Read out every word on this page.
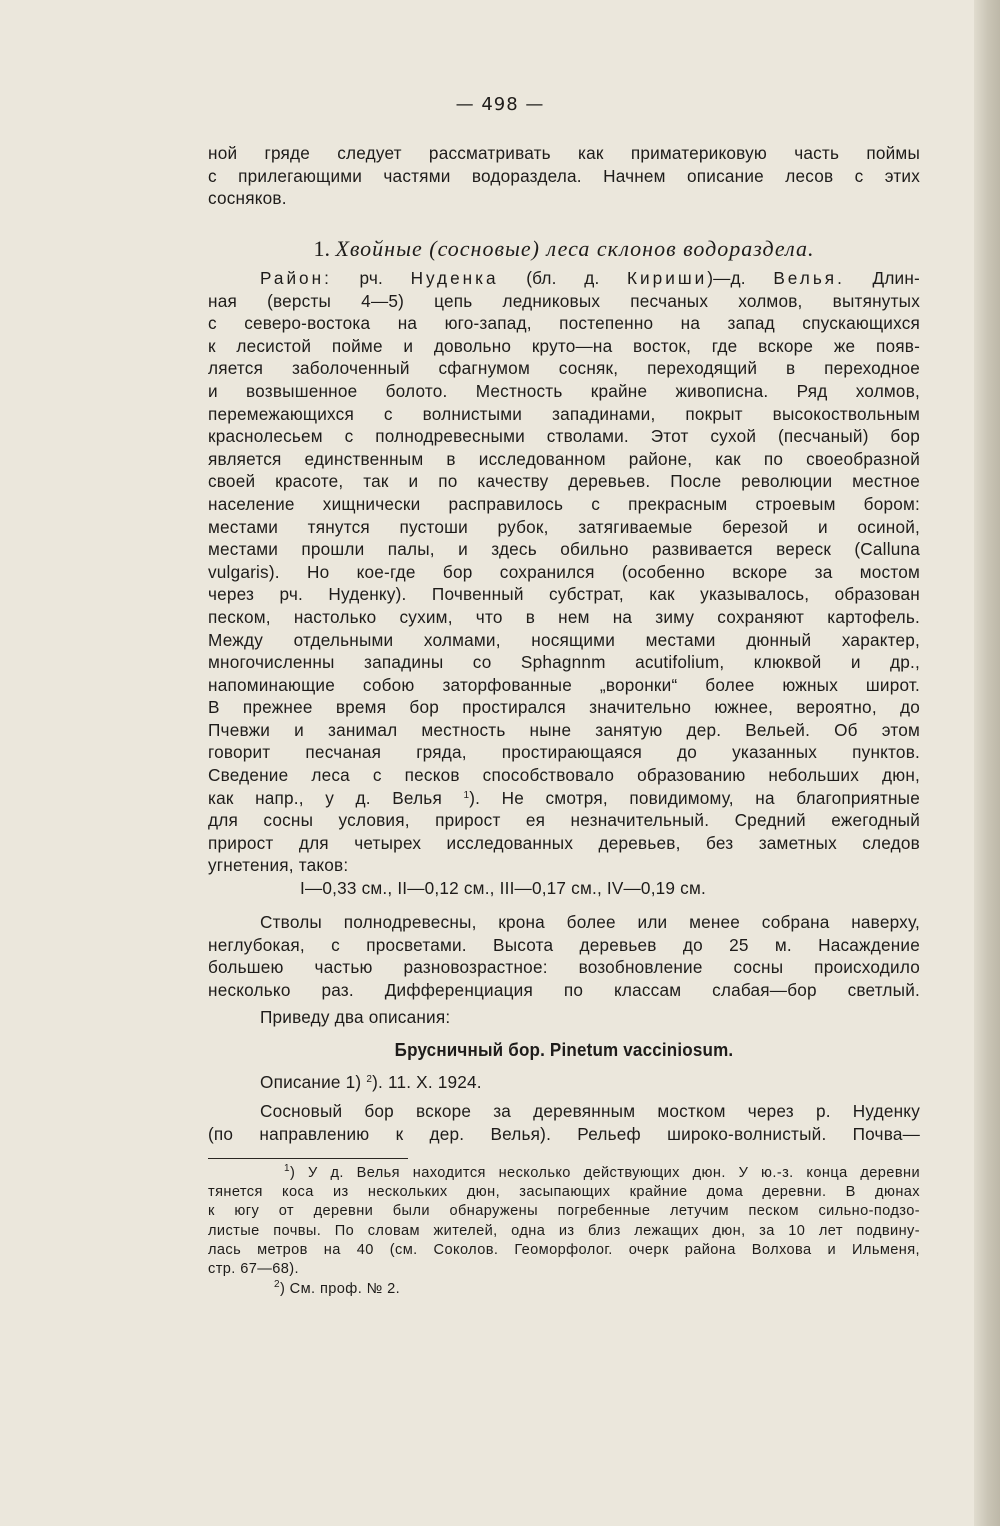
— 498 —
ной гряде следует рассматривать как приматериковую часть поймы
с прилегающими частями водораздела. Начнем описание лесов с этих
сосняков.
1. Хвойные (сосновые) леса склонов водораздела.
Район: рч. Нуденка (бл. д. Кириши)—д. Велья. Длин-
ная (версты 4—5) цепь ледниковых песчаных холмов, вытянутых
с северо-востока на юго-запад, постепенно на запад спускающихся
к лесистой пойме и довольно круто—на восток, где вскоре же появ-
ляется заболоченный сфагнумом сосняк, переходящий в переходное
и возвышенное болото. Местность крайне живописна. Ряд холмов,
перемежающихся с волнистыми западинами, покрыт высокоствольным
краснолесьем с полнодревесными стволами. Этот сухой (песчаный) бор
является единственным в исследованном районе, как по своеобразной
своей красоте, так и по качеству деревьев. После революции местное
население хищнически расправилось с прекрасным строевым бором:
местами тянутся пустоши рубок, затягиваемые березой и осиной,
местами прошли палы, и здесь обильно развивается вереск (Calluna
vulgaris). Но кое-где бор сохранился (особенно вскоре за мостом
через рч. Нуденку). Почвенный субстрат, как указывалось, образован
песком, настолько сухим, что в нем на зиму сохраняют картофель.
Между отдельными холмами, носящими местами дюнный характер,
многочисленны западины со Sphagnnm acutifolium, клюквой и др.,
напоминающие собою заторфованные „воронки“ более южных широт.
В прежнее время бор простирался значительно южнее, вероятно, до
Пчевжи и занимал местность ныне занятую дер. Вельей. Об этом
говорит песчаная гряда, простирающаяся до указанных пунктов.
Сведение леса с песков способствовало образованию небольших дюн,
как напр., у д. Велья $^1$). Не смотря, повидимому, на благоприятные
для сосны условия, прирост ея незначительный. Средний ежегодный
прирост для четырех исследованных деревьев, без заметных следов
угнетения, таков:
I—0,33 см., II—0,12 см., III—0,17 см., IV—0,19 см.
Стволы полнодревесны, крона более или менее собрана наверху,
неглубокая, с просветами. Высота деревьев до 25 м. Насаждение
большею частью разновозрастное: возобновление сосны происходило
несколько раз. Дифференциация по классам слабая—бор светлый.
Приведу два описания:
Брусничный бор. Pinetum vacciniosum.
Описание 1) $^2$). 11. X. 1924.
Сосновый бор вскоре за деревянным мостком через р. Нуденку
(по направлению к дер. Велья). Рельеф широко-волнистый. Почва—
$^1$) У д. Велья находится несколько действующих дюн. У ю.-з. конца деревни
тянется коса из нескольких дюн, засыпающих крайние дома деревни. В дюнах
к югу от деревни были обнаружены погребенные летучим песком сильно-подзо-
листые почвы. По словам жителей, одна из близ лежащих дюн, за 10 лет подвину-
лась метров на 40 (см. Соколов. Геоморфолог. очерк района Волхова и Ильменя,
стр. 67—68).
$^2$) См. проф. № 2.
